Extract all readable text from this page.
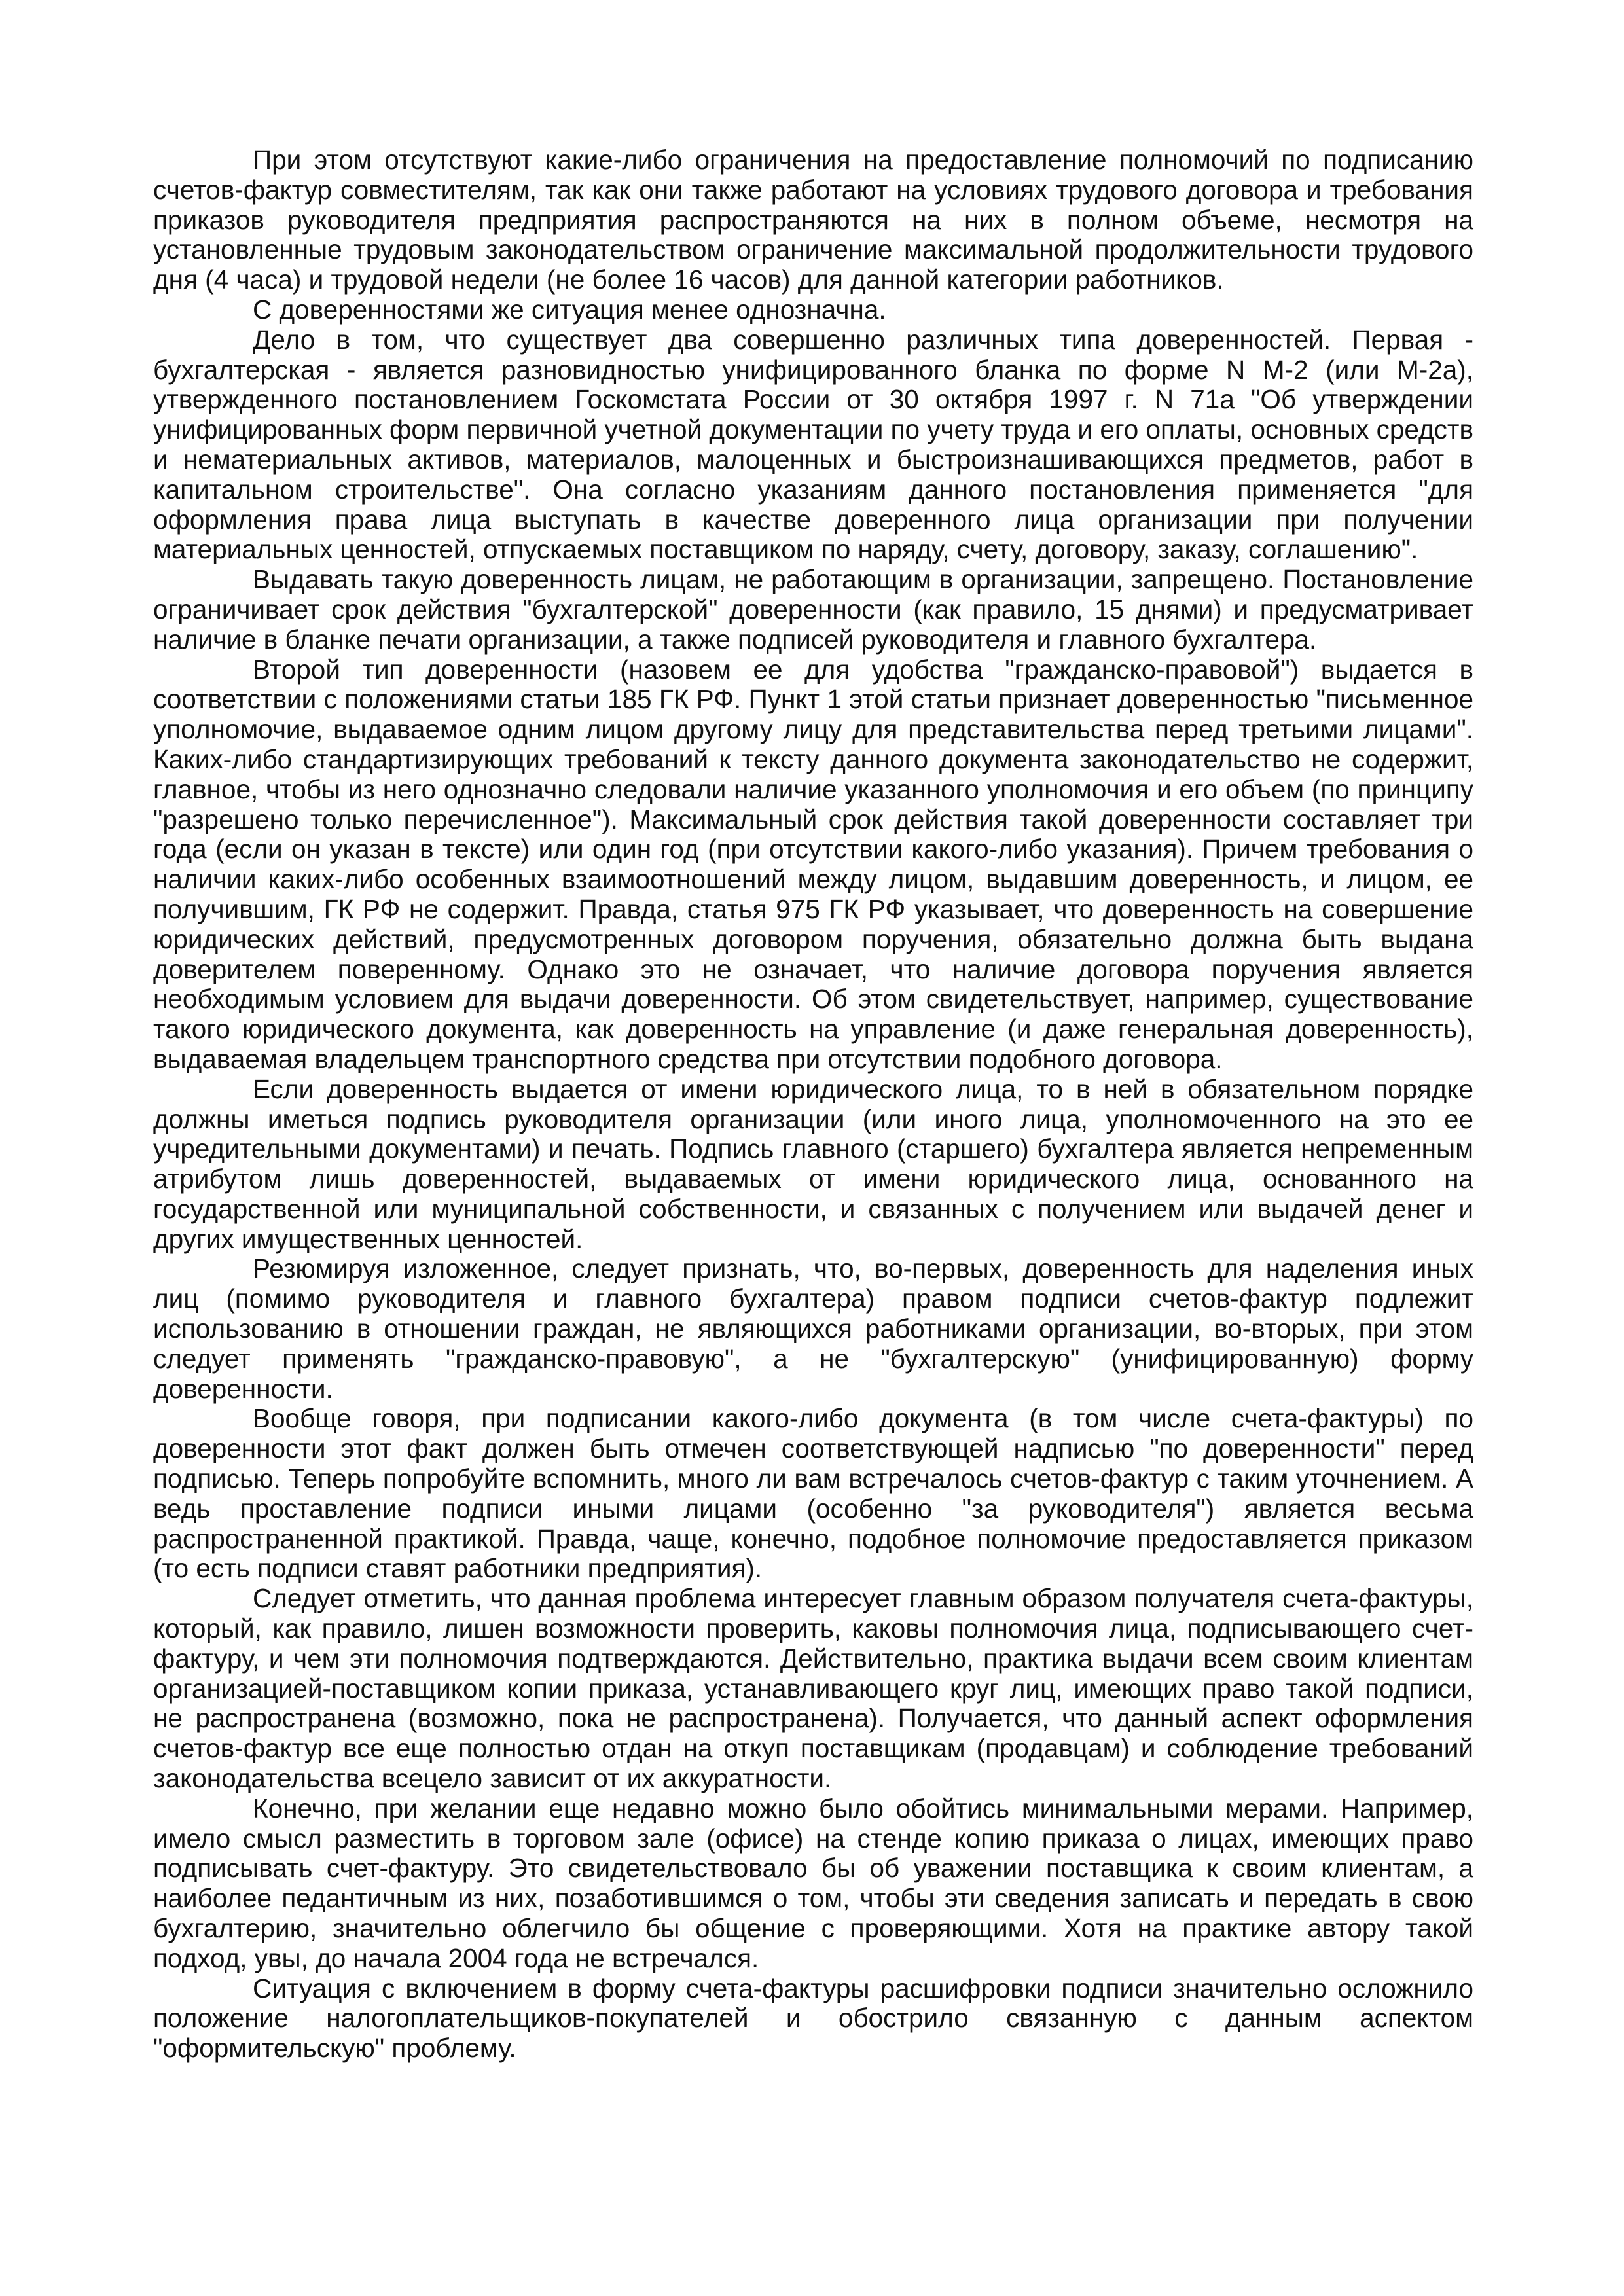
При этом отсутствуют какие-либо ограничения на предоставление полномочий по подписанию счетов-фактур совместителям, так как они также работают на условиях трудового договора и требования приказов руководителя предприятия распространяются на них в полном объеме, несмотря на установленные трудовым законодательством ограничение максимальной продолжительности трудового дня (4 часа) и трудовой недели (не более 16 часов) для данной категории работников.

С доверенностями же ситуация менее однозначна.

Дело в том, что существует два совершенно различных типа доверенностей. Первая - бухгалтерская - является разновидностью унифицированного бланка по форме N М-2 (или М-2а), утвержденного постановлением Госкомстата России от 30 октября 1997 г. N 71а "Об утверждении унифицированных форм первичной учетной документации по учету труда и его оплаты, основных средств и нематериальных активов, материалов, малоценных и быстроизнашивающихся предметов, работ в капитальном строительстве". Она согласно указаниям данного постановления применяется "для оформления права лица выступать в качестве доверенного лица организации при получении материальных ценностей, отпускаемых поставщиком по наряду, счету, договору, заказу, соглашению".

Выдавать такую доверенность лицам, не работающим в организации, запрещено. Постановление ограничивает срок действия "бухгалтерской" доверенности (как правило, 15 днями) и предусматривает наличие в бланке печати организации, а также подписей руководителя и главного бухгалтера.

Второй тип доверенности (назовем ее для удобства "гражданско-правовой") выдается в соответствии с положениями статьи 185 ГК РФ. Пункт 1 этой статьи признает доверенностью "письменное уполномочие, выдаваемое одним лицом другому лицу для представительства перед третьими лицами". Каких-либо стандартизирующих требований к тексту данного документа законодательство не содержит, главное, чтобы из него однозначно следовали наличие указанного уполномочия и его объем (по принципу "разрешено только перечисленное"). Максимальный срок действия такой доверенности составляет три года (если он указан в тексте) или один год (при отсутствии какого-либо указания). Причем требования о наличии каких-либо особенных взаимоотношений между лицом, выдавшим доверенность, и лицом, ее получившим, ГК РФ не содержит. Правда, статья 975 ГК РФ указывает, что доверенность на совершение юридических действий, предусмотренных договором поручения, обязательно должна быть выдана доверителем поверенному. Однако это не означает, что наличие договора поручения является необходимым условием для выдачи доверенности. Об этом свидетельствует, например, существование такого юридического документа, как доверенность на управление (и даже генеральная доверенность), выдаваемая владельцем транспортного средства при отсутствии подобного договора.

Если доверенность выдается от имени юридического лица, то в ней в обязательном порядке должны иметься подпись руководителя организации (или иного лица, уполномоченного на это ее учредительными документами) и печать. Подпись главного (старшего) бухгалтера является непременным атрибутом лишь доверенностей, выдаваемых от имени юридического лица, основанного на государственной или муниципальной собственности, и связанных с получением или выдачей денег и других имущественных ценностей.

Резюмируя изложенное, следует признать, что, во-первых, доверенность для наделения иных лиц (помимо руководителя и главного бухгалтера) правом подписи счетов-фактур подлежит использованию в отношении граждан, не являющихся работниками организации, во-вторых, при этом следует применять "гражданско-правовую", а не "бухгалтерскую" (унифицированную) форму доверенности.

Вообще говоря, при подписании какого-либо документа (в том числе счета-фактуры) по доверенности этот факт должен быть отмечен соответствующей надписью "по доверенности" перед подписью. Теперь попробуйте вспомнить, много ли вам встречалось счетов-фактур с таким уточнением. А ведь проставление подписи иными лицами (особенно "за руководителя") является весьма распространенной практикой. Правда, чаще, конечно, подобное полномочие предоставляется приказом (то есть подписи ставят работники предприятия).

Следует отметить, что данная проблема интересует главным образом получателя счета-фактуры, который, как правило, лишен возможности проверить, каковы полномочия лица, подписывающего счет-фактуру, и чем эти полномочия подтверждаются. Действительно, практика выдачи всем своим клиентам организацией-поставщиком копии приказа, устанавливающего круг лиц, имеющих право такой подписи, не распространена (возможно, пока не распространена). Получается, что данный аспект оформления счетов-фактур все еще полностью отдан на откуп поставщикам (продавцам) и соблюдение требований законодательства всецело зависит от их аккуратности.

Конечно, при желании еще недавно можно было обойтись минимальными мерами. Например, имело смысл разместить в торговом зале (офисе) на стенде копию приказа о лицах, имеющих право подписывать счет-фактуру. Это свидетельствовало бы об уважении поставщика к своим клиентам, а наиболее педантичным из них, позаботившимся о том, чтобы эти сведения записать и передать в свою бухгалтерию, значительно облегчило бы общение с проверяющими. Хотя на практике автору такой подход, увы, до начала 2004 года не встречался.

Ситуация с включением в форму счета-фактуры расшифровки подписи значительно осложнило положение налогоплательщиков-покупателей и обострило связанную с данным аспектом "оформительскую" проблему.
